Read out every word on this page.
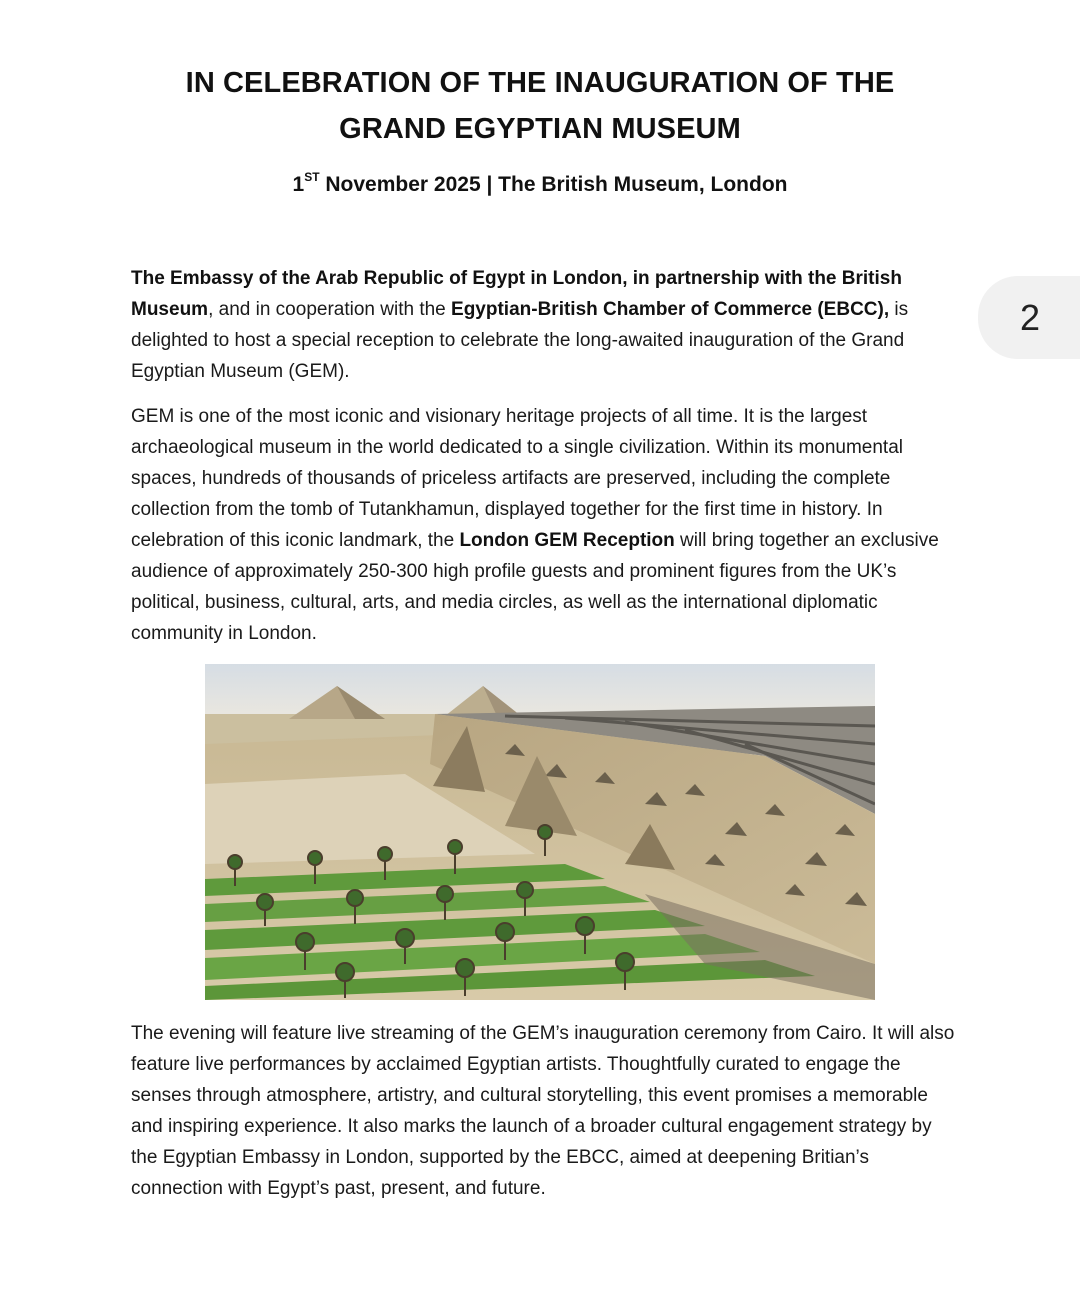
IN CELEBRATION OF THE INAUGURATION OF THE
GRAND EGYPTIAN MUSEUM
1ST November 2025 | The British Museum, London
2
The Embassy of the Arab Republic of Egypt in London, in partnership with the British Museum, and in cooperation with the Egyptian-British Chamber of Commerce (EBCC), is delighted to host a special reception to celebrate the long-awaited inauguration of the Grand Egyptian Museum (GEM).
GEM is one of the most iconic and visionary heritage projects of all time. It is the largest archaeological museum in the world dedicated to a single civilization. Within its monumental spaces, hundreds of thousands of priceless artifacts are preserved, including the complete collection from the tomb of Tutankhamun, displayed together for the first time in history. In celebration of this iconic landmark, the London GEM Reception will bring together an exclusive audience of approximately 250-300 high profile guests and prominent figures from the UK’s political, business, cultural, arts, and media circles, as well as the international diplomatic community in London.
The evening will feature live streaming of the GEM’s inauguration ceremony from Cairo. It will also feature live performances by acclaimed Egyptian artists. Thoughtfully curated to engage the senses through atmosphere, artistry, and cultural storytelling, this event promises a memorable and inspiring experience. It also marks the launch of a broader cultural engagement strategy by the Egyptian Embassy in London, supported by the EBCC, aimed at deepening Britian’s connection with Egypt’s past, present, and future.
